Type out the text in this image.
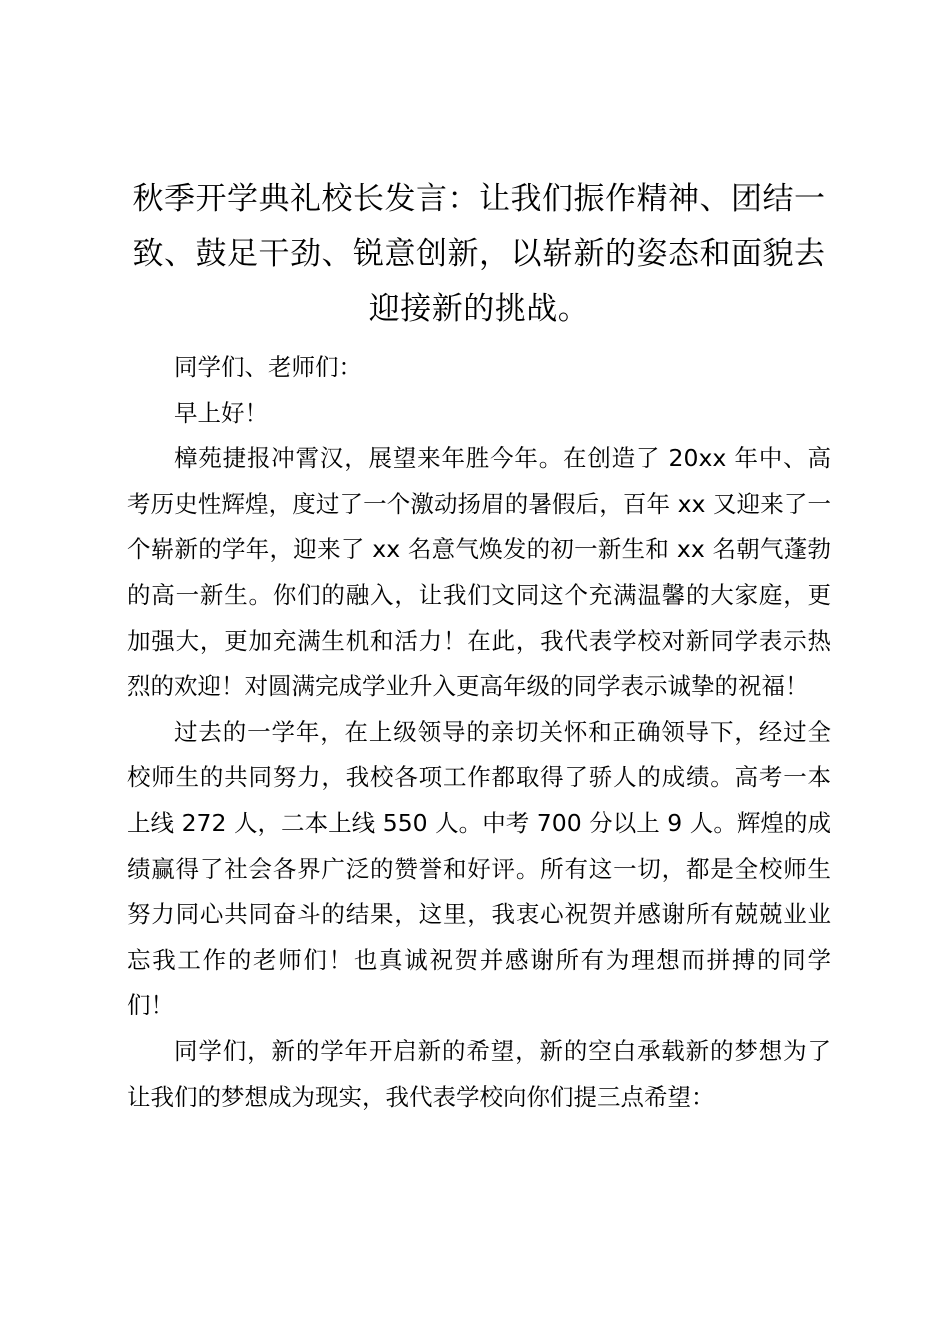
秋季开学典礼校长发言：让我们振作精神、团结一致、鼓足干劲、锐意创新，以崭新的姿态和面貌去迎接新的挑战。

同学们、老师们：

早上好！

樟苑捷报冲霄汉，展望来年胜今年。在创造了 20xx 年中、高考历史性辉煌，度过了一个激动扬眉的暑假后，百年 xx 又迎来了一个崭新的学年，迎来了 xx 名意气焕发的初一新生和 xx 名朝气蓬勃的高一新生。你们的融入，让我们文同这个充满温馨的大家庭，更加强大，更加充满生机和活力！在此，我代表学校对新同学表示热烈的欢迎！对圆满完成学业升入更高年级的同学表示诚挚的祝福！

过去的一学年，在上级领导的亲切关怀和正确领导下，经过全校师生的共同努力，我校各项工作都取得了骄人的成绩。高考一本上线 272 人，二本上线 550 人。中考 700 分以上 9 人。辉煌的成绩赢得了社会各界广泛的赞誉和好评。所有这一切，都是全校师生努力同心共同奋斗的结果，这里，我衷心祝贺并感谢所有兢兢业业忘我工作的老师们！也真诚祝贺并感谢所有为理想而拼搏的同学们！

同学们，新的学年开启新的希望，新的空白承载新的梦想为了让我们的梦想成为现实，我代表学校向你们提三点希望：
